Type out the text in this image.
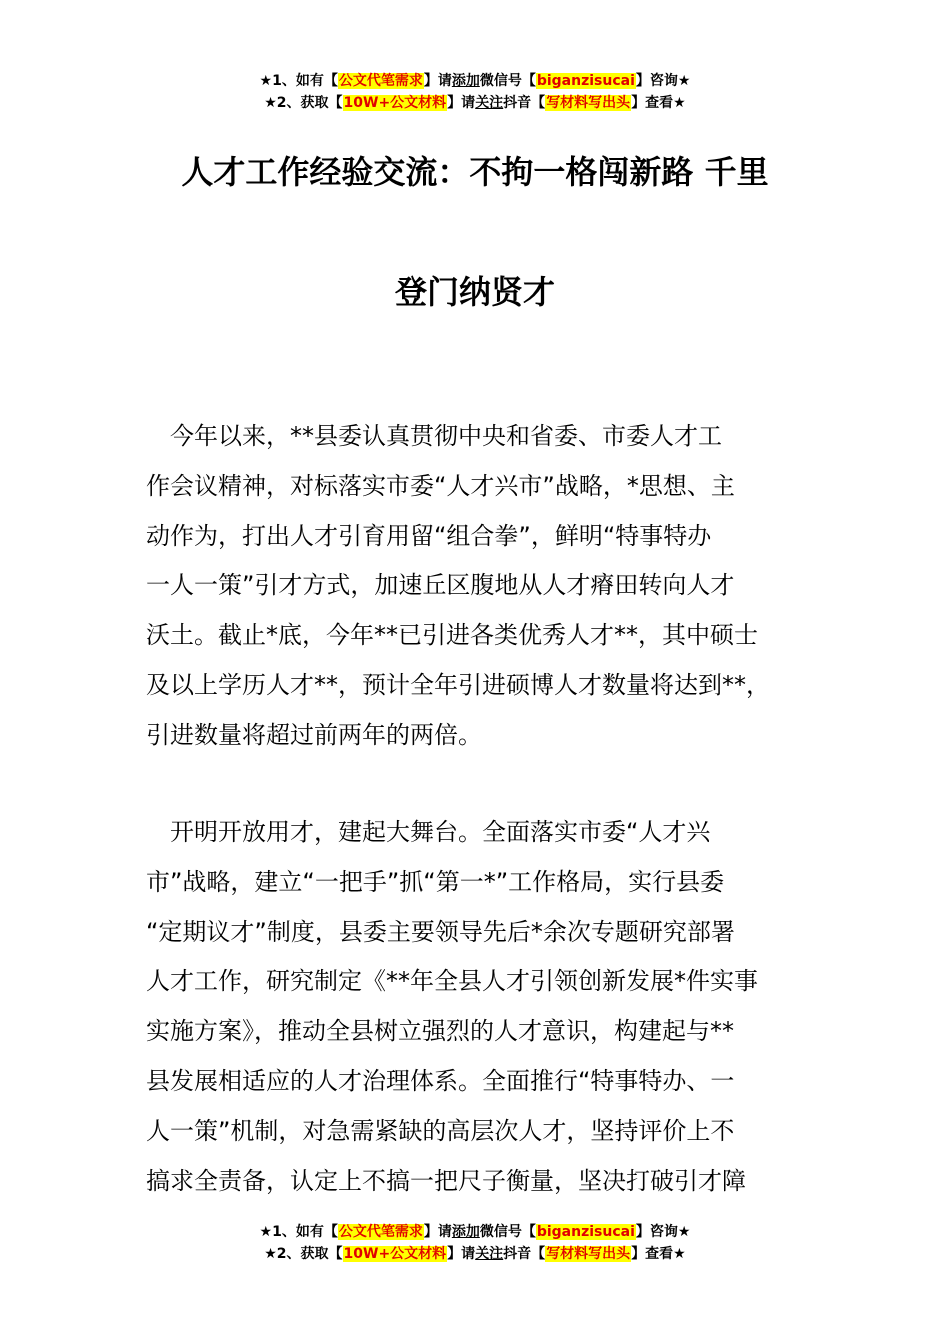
★1、如有【公文代笔需求】请添加微信号【biganzisucai】咨询★
★2、获取【10W+公文材料】请关注抖音【写材料写出头】查看★
人才工作经验交流：不拘一格闯新路 千里
登门纳贤才
　今年以来，**县委认真贯彻中央和省委、市委人才工
作会议精神，对标落实市委“人才兴市”战略，*思想、主
动作为，打出人才引育用留“组合拳”，鲜明“特事特办
一人一策”引才方式，加速丘区腹地从人才瘠田转向人才
沃土。截止*底，今年**已引进各类优秀人才**，其中硕士
及以上学历人才**，预计全年引进硕博人才数量将达到**，
引进数量将超过前两年的两倍。
　开明开放用才，建起大舞台。全面落实市委“人才兴
市”战略，建立“一把手”抓“第一*”工作格局，实行县委
“定期议才”制度，县委主要领导先后*余次专题研究部署
人才工作，研究制定《**年全县人才引领创新发展*件实事
实施方案》，推动全县树立强烈的人才意识，构建起与**
县发展相适应的人才治理体系。全面推行“特事特办、一
人一策”机制，对急需紧缺的高层次人才，坚持评价上不
搞求全责备，认定上不搞一把尺子衡量，坚决打破引才障
★1、如有【公文代笔需求】请添加微信号【biganzisucai】咨询★
★2、获取【10W+公文材料】请关注抖音【写材料写出头】查看★
